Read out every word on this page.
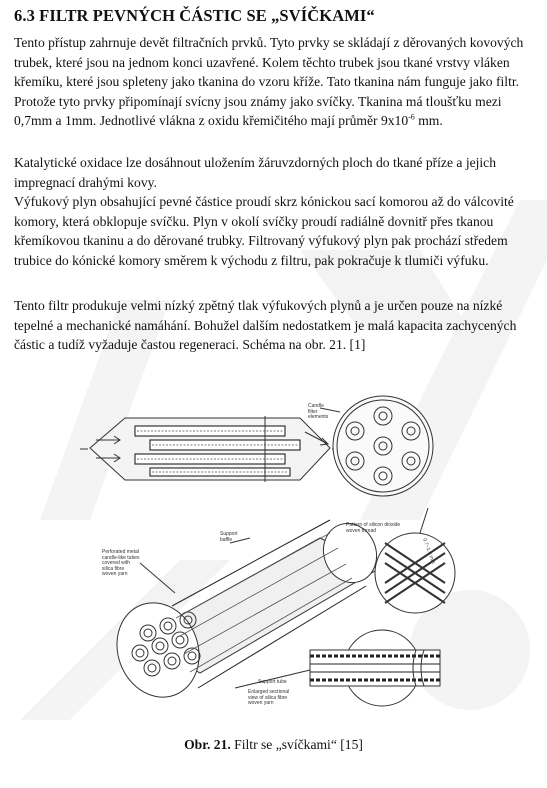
6.3 FILTR PEVNÝCH ČÁSTIC SE „SVÍČKAMI“

Tento přístup zahrnuje devět filtračních prvků. Tyto prvky se skládají z děrovaných kovových

trubek, které jsou na jednom konci uzavřené. Kolem těchto trubek jsou tkané vrstvy vláken

křemíku, které jsou spleteny jako tkanina do vzoru kříže. Tato tkanina nám funguje jako filtr.

Protože tyto prvky připomínají svícny jsou známy jako svíčky. Tkanina má tloušťku mezi

0,7mm a 1mm. Jednotlivé vlákna z oxidu křemičitého mají průměr $9x10^{-6}$ mm.

Katalytické oxidace lze dosáhnout uložením žáruvzdorných ploch do tkané příze a jejich

impregnací drahými kovy.

Výfukový plyn obsahující pevné částice proudí skrz kónickou sací komorou až do válcovité

komory, která obklopuje svíčku. Plyn v okolí svíčky proudí radiálně dovnitř přes tkanou

křemíkovou tkaninu a do děrované trubky. Filtrovaný výfukový plyn pak prochází středem

trubice do kónické komory směrem k východu z filtru, pak pokračuje k tlumiči výfuku.

Tento filtr produkuje velmi nízký zpětný tlak výfukových plynů a je určen pouze na nízké

tepelné a mechanické namáhání. Bohužel dalším nedostatkem je malá kapacita zachycených

částic a tudíž vyžaduje častou regeneraci. Schéma na obr. 21. [1]

Candle
filter
elements
Support
baffle
Pattern of silicon dioxide
woven thread
0.7~1.0 mm
Perforated metal
candle-like tubes
covered with
silica fibre
woven yarn
Support tube
Enlarged sectional
view of silica fibre
woven yarn
Obr. 21. Filtr se „svíčkami“ [15]
